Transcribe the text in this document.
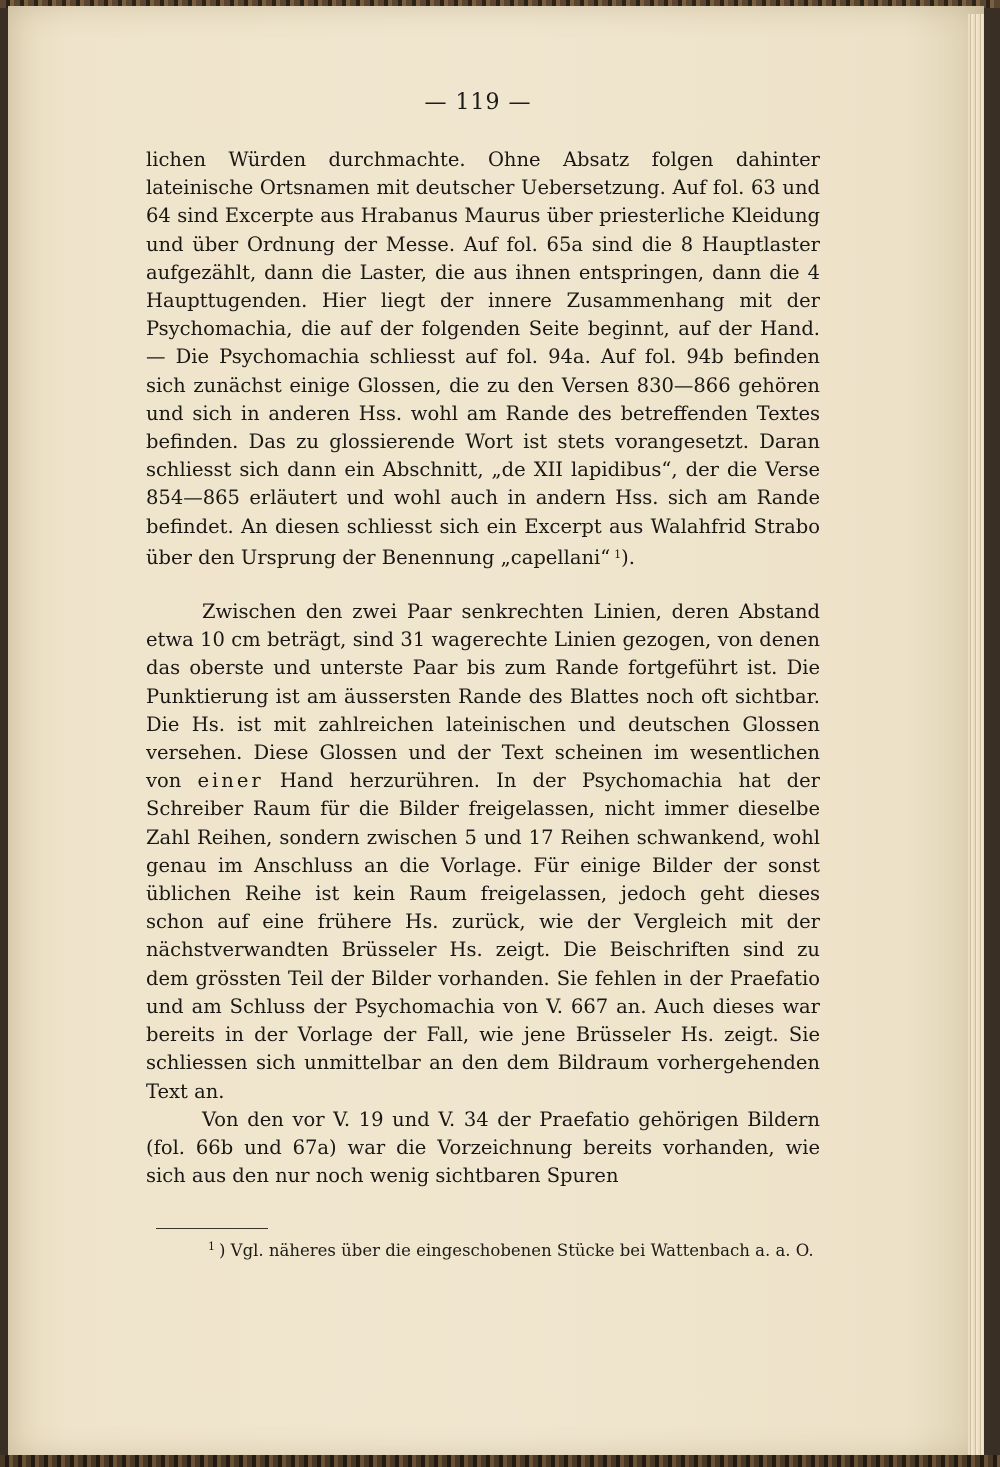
— 119 —

lichen Würden durchmachte. Ohne Absatz folgen dahinter lateinische Ortsnamen mit deutscher Uebersetzung. Auf fol. 63 und 64 sind Excerpte aus Hrabanus Maurus über priesterliche Kleidung und über Ordnung der Messe. Auf fol. 65a sind die 8 Hauptlaster aufgezählt, dann die Laster, die aus ihnen entspringen, dann die 4 Haupttugenden. Hier liegt der innere Zusammenhang mit der Psychomachia, die auf der folgenden Seite beginnt, auf der Hand. — Die Psychomachia schliesst auf fol. 94a. Auf fol. 94b befinden sich zunächst einige Glossen, die zu den Versen 830—866 gehören und sich in anderen Hss. wohl am Rande des betreffenden Textes befinden. Das zu glossierende Wort ist stets vorangesetzt. Daran schliesst sich dann ein Abschnitt, „de XII lapidibus“, der die Verse 854—865 erläutert und wohl auch in andern Hss. sich am Rande befindet. An diesen schliesst sich ein Excerpt aus Walahfrid Strabo über den Ursprung der Benennung „capellani“  $^1$).

Zwischen den zwei Paar senkrechten Linien, deren Abstand etwa 10 cm beträgt, sind 31 wagerechte Linien gezogen, von denen das oberste und unterste Paar bis zum Rande fortgeführt ist. Die Punktierung ist am äussersten Rande des Blattes noch oft sichtbar. Die Hs. ist mit zahlreichen lateinischen und deutschen Glossen versehen. Diese Glossen und der Text scheinen im wesentlichen von einer Hand herzurühren. In der Psychomachia hat der Schreiber Raum für die Bilder freigelassen, nicht immer dieselbe Zahl Reihen, sondern zwischen 5 und 17 Reihen schwankend, wohl genau im Anschluss an die Vorlage. Für einige Bilder der sonst üblichen Reihe ist kein Raum freigelassen, jedoch geht dieses schon auf eine frühere Hs. zurück, wie der Vergleich mit der nächstverwandten Brüsseler Hs. zeigt. Die Beischriften sind zu dem grössten Teil der Bilder vorhanden. Sie fehlen in der Praefatio und am Schluss der Psychomachia von V. 667 an. Auch dieses war bereits in der Vorlage der Fall, wie jene Brüsseler Hs. zeigt. Sie schliessen sich unmittelbar an den dem Bildraum vorhergehenden Text an.

Von den vor V. 19 und V. 34 der Praefatio gehörigen Bildern (fol. 66b und 67a) war die Vorzeichnung bereits vorhanden, wie sich aus den nur noch wenig sichtbaren Spuren

$^1$ ) Vgl. näheres über die eingeschobenen Stücke bei Wattenbach a. a. O.
